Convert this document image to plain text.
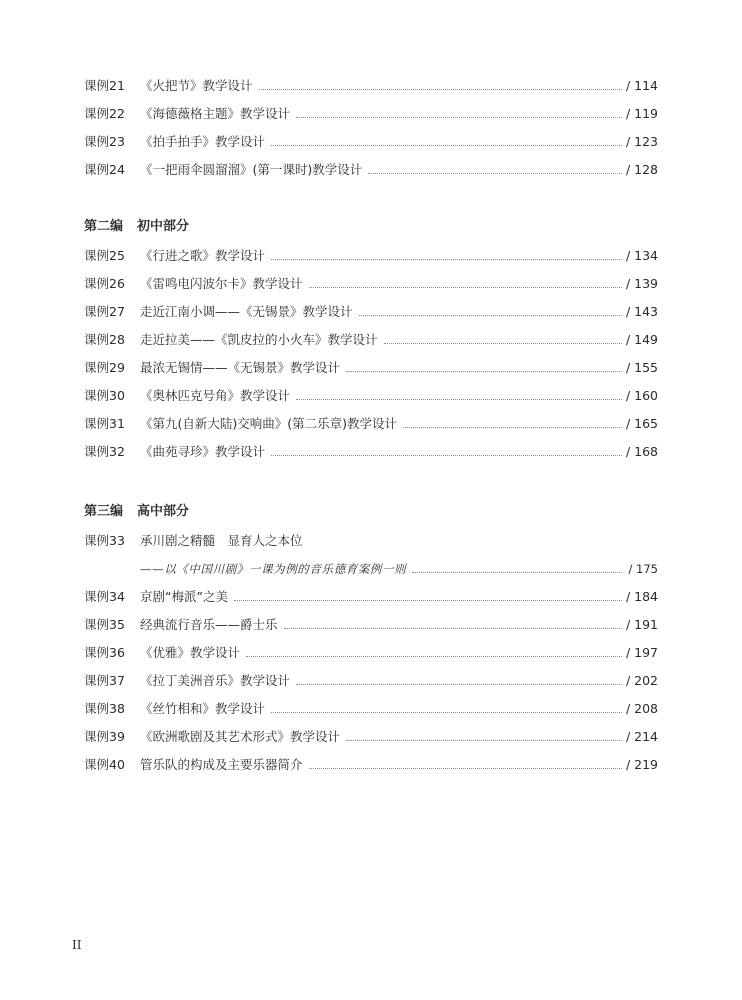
课例21 《火把节》教学设计	/ 114
课例22 《海德薇格主题》教学设计	/ 119
课例23 《拍手拍手》教学设计	/ 123
课例24 《一把雨伞圆溜溜》(第一课时)教学设计	/ 128
第二编 初中部分
课例25 《行进之歌》教学设计	/ 134
课例26 《雷鸣电闪波尔卡》教学设计	/ 139
课例27 走近江南小调——《无锡景》教学设计	/ 143
课例28 走近拉美——《凯皮拉的小火车》教学设计	/ 149
课例29 最浓无锡情——《无锡景》教学设计	/ 155
课例30 《奥林匹克号角》教学设计	/ 160
课例31 《第九(自新大陆)交响曲》(第二乐章)教学设计	/ 165
课例32 《曲苑寻珍》教学设计	/ 168
第三编 高中部分
课例33 承川剧之精髓　显育人之本位
——以《中国川剧》一课为例的音乐德育案例一则	/ 175
课例34 京剧“梅派”之美	/ 184
课例35 经典流行音乐——爵士乐	/ 191
课例36 《优雅》教学设计	/ 197
课例37 《拉丁美洲音乐》教学设计	/ 202
课例38 《丝竹相和》教学设计	/ 208
课例39 《欧洲歌剧及其艺术形式》教学设计	/ 214
课例40 管乐队的构成及主要乐器简介	/ 219
II
